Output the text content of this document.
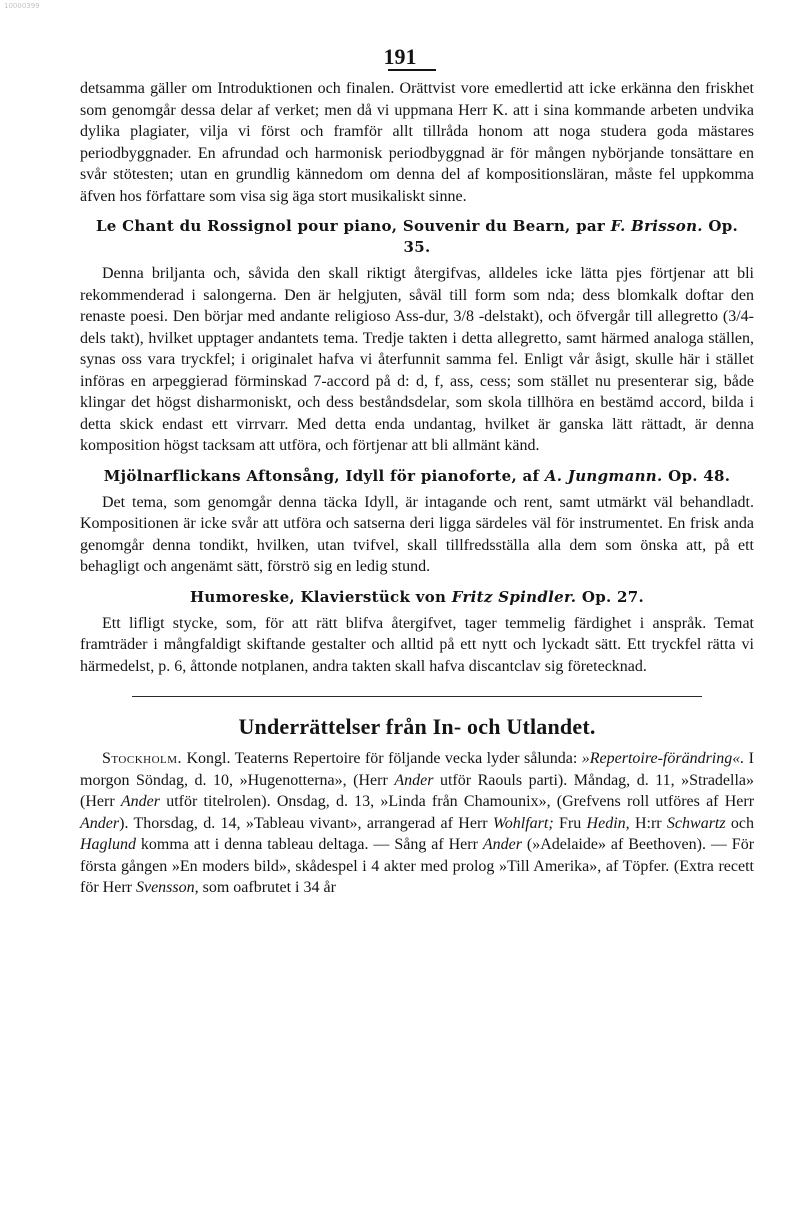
10000399
191

detsamma gäller om Introduktionen och finalen. Orättvist vore emedlertid att icke erkänna den friskhet som genomgår dessa delar af verket; men då vi uppmana Herr K. att i sina kommande arbeten undvika dylika plagiater, vilja vi först och framför allt tillråda honom att noga studera goda mästares periodbyggnader. En afrundad och harmonisk periodbyggnad är för mången nybörjande tonsättare en svår stötesten; utan en grundlig kännedom om denna del af kompositionsläran, måste fel uppkomma äfven hos författare som visa sig äga stort musikaliskt sinne.

Le Chant du Rossignol pour piano, Souvenir du Bearn, par F. Brisson. Op. 35.

Denna briljanta och, såvida den skall riktigt återgifvas, alldeles icke lätta pjes förtjenar att bli rekommenderad i salongerna. Den är helgjuten, såväl till form som nda; dess blomkalk doftar den renaste poesi. Den börjar med andante religioso Ass-dur, 3/8 -delstakt), och öfvergår till allegretto (3/4-dels takt), hvilket upptager andantets tema. Tredje takten i detta allegretto, samt härmed analoga ställen, synas oss vara tryckfel; i originalet hafva vi återfunnit samma fel. Enligt vår åsigt, skulle här i stället införas en arpeggierad förminskad 7-accord på d: d, f, ass, cess; som stället nu presenterar sig, både klingar det högst disharmoniskt, och dess beståndsdelar, som skola tillhöra en bestämd accord, bilda i detta skick endast ett virrvarr. Med detta enda undantag, hvilket är ganska lätt rättadt, är denna komposition högst tacksam att utföra, och förtjenar att bli allmänt känd.

Mjölnarflickans Aftonsång, Idyll för pianoforte, af A. Jungmann. Op. 48.

Det tema, som genomgår denna täcka Idyll, är intagande och rent, samt utmärkt väl behandladt. Kompositionen är icke svår att utföra och satserna deri ligga särdeles väl för instrumentet. En frisk anda genomgår denna tondikt, hvilken, utan tvifvel, skall tillfredsställa alla dem som önska att, på ett behagligt och angenämt sätt, förströ sig en ledig stund.

Humoreske, Klavierstück von Fritz Spindler. Op. 27.

Ett lifligt stycke, som, för att rätt blifva återgifvet, tager temmelig färdighet i anspråk. Temat framträder i mångfaldigt skiftande gestalter och alltid på ett nytt och lyckadt sätt. Ett tryckfel rätta vi härmedelst, p. 6, åttonde notplanen, andra takten skall hafva discantclav sig företecknad.

Underrättelser från In- och Utlandet.

Stockholm. Kongl. Teaterns Repertoire för följande vecka lyder sålunda: »Repertoire-förändring«. I morgon Söndag, d. 10, »Hugenotterna», (Herr Ander utför Raouls parti). Måndag, d. 11, »Stradella» (Herr Ander utför titelrolen). Onsdag, d. 13, »Linda från Chamounix», (Grefvens roll utföres af Herr Ander). Thorsdag, d. 14, »Tableau vivant», arrangerad af Herr Wohlfart; Fru Hedin, H:rr Schwartz och Haglund komma att i denna tableau deltaga. — Sång af Herr Ander (»Adelaide» af Beethoven). — För första gången »En moders bild», skådespel i 4 akter med prolog »Till Amerika», af Töpfer. (Extra recett för Herr Svensson, som oafbrutet i 34 år
